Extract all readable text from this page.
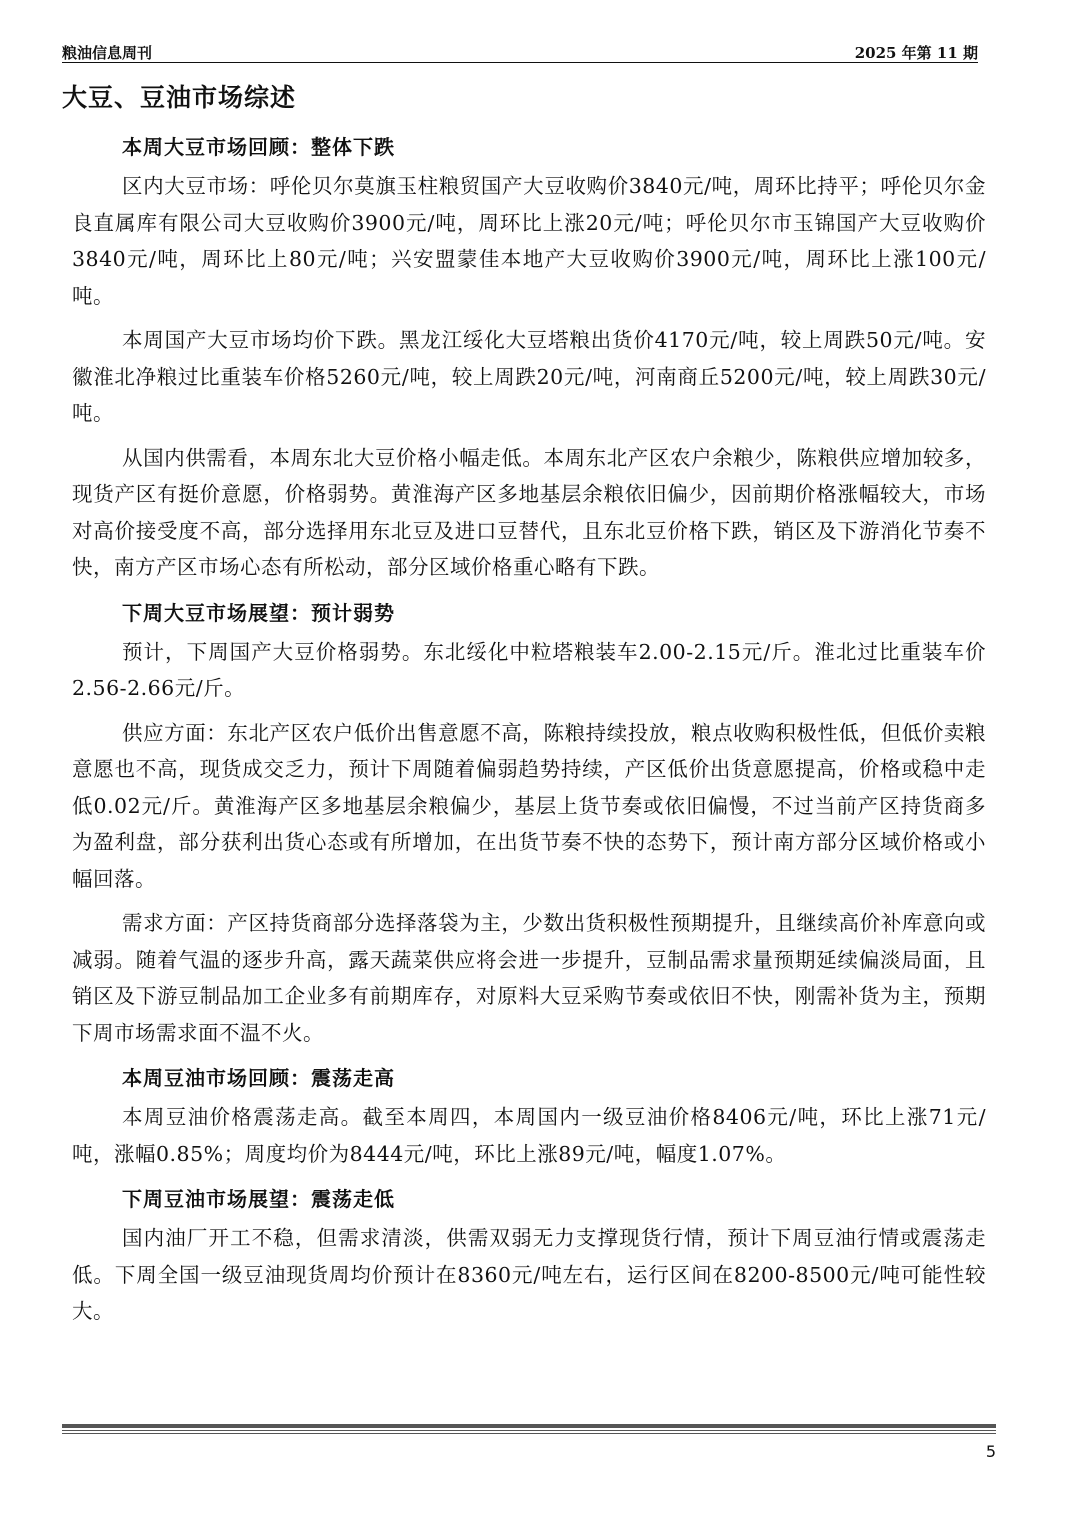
粮油信息周刊	2025 年第 11 期
大豆、豆油市场综述
本周大豆市场回顾：整体下跌

区内大豆市场：呼伦贝尔莫旗玉柱粮贸国产大豆收购价3840元/吨，周环比持平；呼伦贝尔金良直属库有限公司大豆收购价3900元/吨，周环比上涨20元/吨；呼伦贝尔市玉锦国产大豆收购价3840元/吨，周环比上80元/吨；兴安盟蒙佳本地产大豆收购价3900元/吨，周环比上涨100元/吨。

本周国产大豆市场均价下跌。黑龙江绥化大豆塔粮出货价4170元/吨，较上周跌50元/吨。安徽淮北净粮过比重装车价格5260元/吨，较上周跌20元/吨，河南商丘5200元/吨，较上周跌30元/吨。

从国内供需看，本周东北大豆价格小幅走低。本周东北产区农户余粮少，陈粮供应增加较多，现货产区有挺价意愿，价格弱势。黄淮海产区多地基层余粮依旧偏少，因前期价格涨幅较大，市场对高价接受度不高，部分选择用东北豆及进口豆替代，且东北豆价格下跌，销区及下游消化节奏不快，南方产区市场心态有所松动，部分区域价格重心略有下跌。

下周大豆市场展望：预计弱势

预计，下周国产大豆价格弱势。东北绥化中粒塔粮装车2.00-2.15元/斤。淮北过比重装车价2.56-2.66元/斤。

供应方面：东北产区农户低价出售意愿不高，陈粮持续投放，粮点收购积极性低，但低价卖粮意愿也不高，现货成交乏力，预计下周随着偏弱趋势持续，产区低价出货意愿提高，价格或稳中走低0.02元/斤。黄淮海产区多地基层余粮偏少，基层上货节奏或依旧偏慢，不过当前产区持货商多为盈利盘，部分获利出货心态或有所增加，在出货节奏不快的态势下，预计南方部分区域价格或小幅回落。

需求方面：产区持货商部分选择落袋为主，少数出货积极性预期提升，且继续高价补库意向或减弱。随着气温的逐步升高，露天蔬菜供应将会进一步提升，豆制品需求量预期延续偏淡局面，且销区及下游豆制品加工企业多有前期库存，对原料大豆采购节奏或依旧不快，刚需补货为主，预期下周市场需求面不温不火。

本周豆油市场回顾：震荡走高

本周豆油价格震荡走高。截至本周四，本周国内一级豆油价格8406元/吨，环比上涨71元/吨，涨幅0.85%；周度均价为8444元/吨，环比上涨89元/吨，幅度1.07%。

下周豆油市场展望：震荡走低

国内油厂开工不稳，但需求清淡，供需双弱无力支撑现货行情，预计下周豆油行情或震荡走低。下周全国一级豆油现货周均价预计在8360元/吨左右，运行区间在8200-8500元/吨可能性较大。

5
